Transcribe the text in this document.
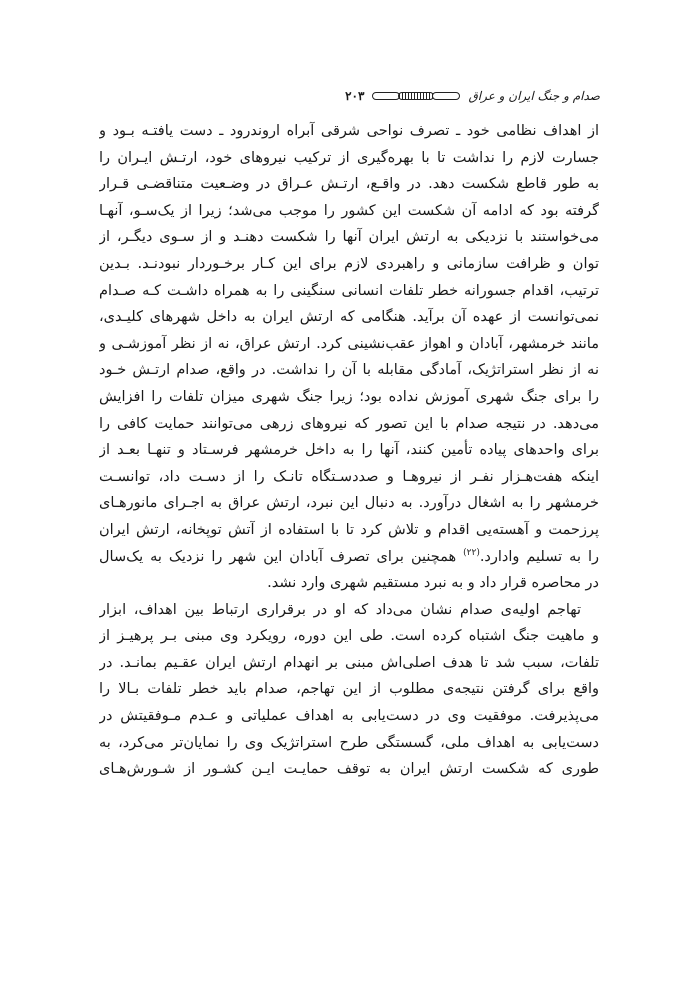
صدام و جنگ ایران و عراق
۲۰۳
از اهداف نظامی خود ـ تصرف نواحی شرقی آبراه اروندرود ـ دست یافتـه بـود و
جسارت لازم را نداشت تا با بهره‌گیری از ترکیب نیروهای خود، ارتـش ایـران را
به طور قاطع شکست دهد. در واقـع، ارتـش عـراق در وضـعیت متناقضـی قـرار
گرفته بود که ادامه آن شکست این کشور را موجب می‌شد؛ زیرا از یک‌سـو، آنهـا
می‌خواستند با نزدیکی به ارتش ایران آنها را شکست دهنـد و از سـوی دیگـر، از
توان و ظرافت سازمانی و راهبردی لازم برای این کـار برخـوردار نبودنـد. بـدین
ترتیب، اقدام جسورانه خطر تلفات انسانی سنگینی را به همراه داشـت کـه صـدام
نمی‌توانست از عهده آن برآید. هنگامی که ارتش ایران به داخل شهرهای کلیـدی،
مانند خرمشهر، آبادان و اهواز عقب‌نشینی کرد. ارتش عراق، نه از نظر آموزشـی و
نه از نظر استراتژیک، آمادگی مقابله با آن را نداشت. در واقع، صدام ارتـش خـود
را برای جنگ شهری آموزش نداده بود؛ زیرا جنگ شهری میزان تلفات را افزایش
می‌دهد. در نتیجه صدام با این تصور که نیروهای زرهی می‌توانند حمایت کافی را
برای واحدهای پیاده تأمین کنند، آنها را به داخل خرمشهر فرسـتاد و تنهـا بعـد از
اینکه هفت‌هـزار نفـر از نیروهـا و صددسـتگاه تانـک را از دسـت داد، توانسـت
خرمشهر را به اشغال درآورد. به دنبال این نبرد، ارتش عراق به اجـرای مانورهـای
پرزحمت و آهسته‌یی اقدام و تلاش کرد تا با استفاده از آتش توپخانه، ارتش ایران
را به تسلیم وادارد.$^{(۲۲)}$ همچنین برای تصرف آبادان این شهر را نزدیک به یک‌سال
در محاصره قرار داد و به نبرد مستقیم شهری وارد نشد.
تهاجم اولیه‌ی صدام نشان می‌داد که او در برقراری ارتباط بین اهداف، ابزار
و ماهیت جنگ اشتباه کرده است. طی این دوره، رویکرد وی مبنی بـر پرهیـز از
تلفات، سبب شد تا هدف اصلی‌اش مبنی بر انهدام ارتش ایران عقـیم بمانـد. در
واقع برای گرفتن نتیجه‌ی مطلوب از این تهاجم، صدام باید خطر تلفات بـالا را
می‌پذیرفت. موفقیت وی در دست‌یابی به اهداف عملیاتی و عـدم مـوفقیتش در
دست‌یابی به اهداف ملی، گسستگی طرح استراتژیک وی را نمایان‌تر می‌کرد، به
طوری که شکست ارتش ایران به توقف حمایـت ایـن کشـور از شـورش‌هـای
